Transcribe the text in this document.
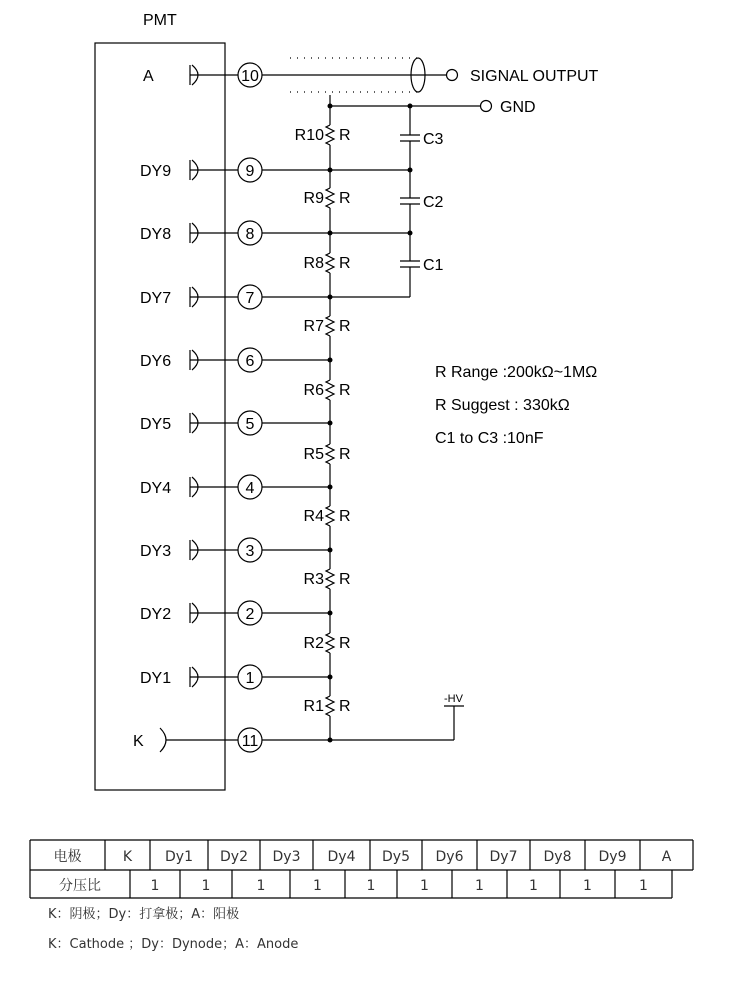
PMT
A	10
DY9	9
DY8	8
DY7	7
DY6	6
DY5	5
DY4	4
DY3	3
DY2	2
DY1	1
K	11
R10 R
R9 R
R8 R
R7 R
R6 R
R5 R
R4 R
R3 R
R2 R
R1 R
C3
C2
C1
SIGNAL OUTPUT
GND
-HV
R Range :200kΩ~1MΩ
R Suggest : 330kΩ
C1 to C3 :10nF
电极	K Dy1 Dy2 Dy3 Dy4 Dy5 Dy6 Dy7 Dy8 Dy9	A
分压比	1	1	1	1	1	1	1	1	1	1
K：阴极；Dy：打拿极；A：阳极
K：Cathode ；Dy：Dynode；A：Anode
